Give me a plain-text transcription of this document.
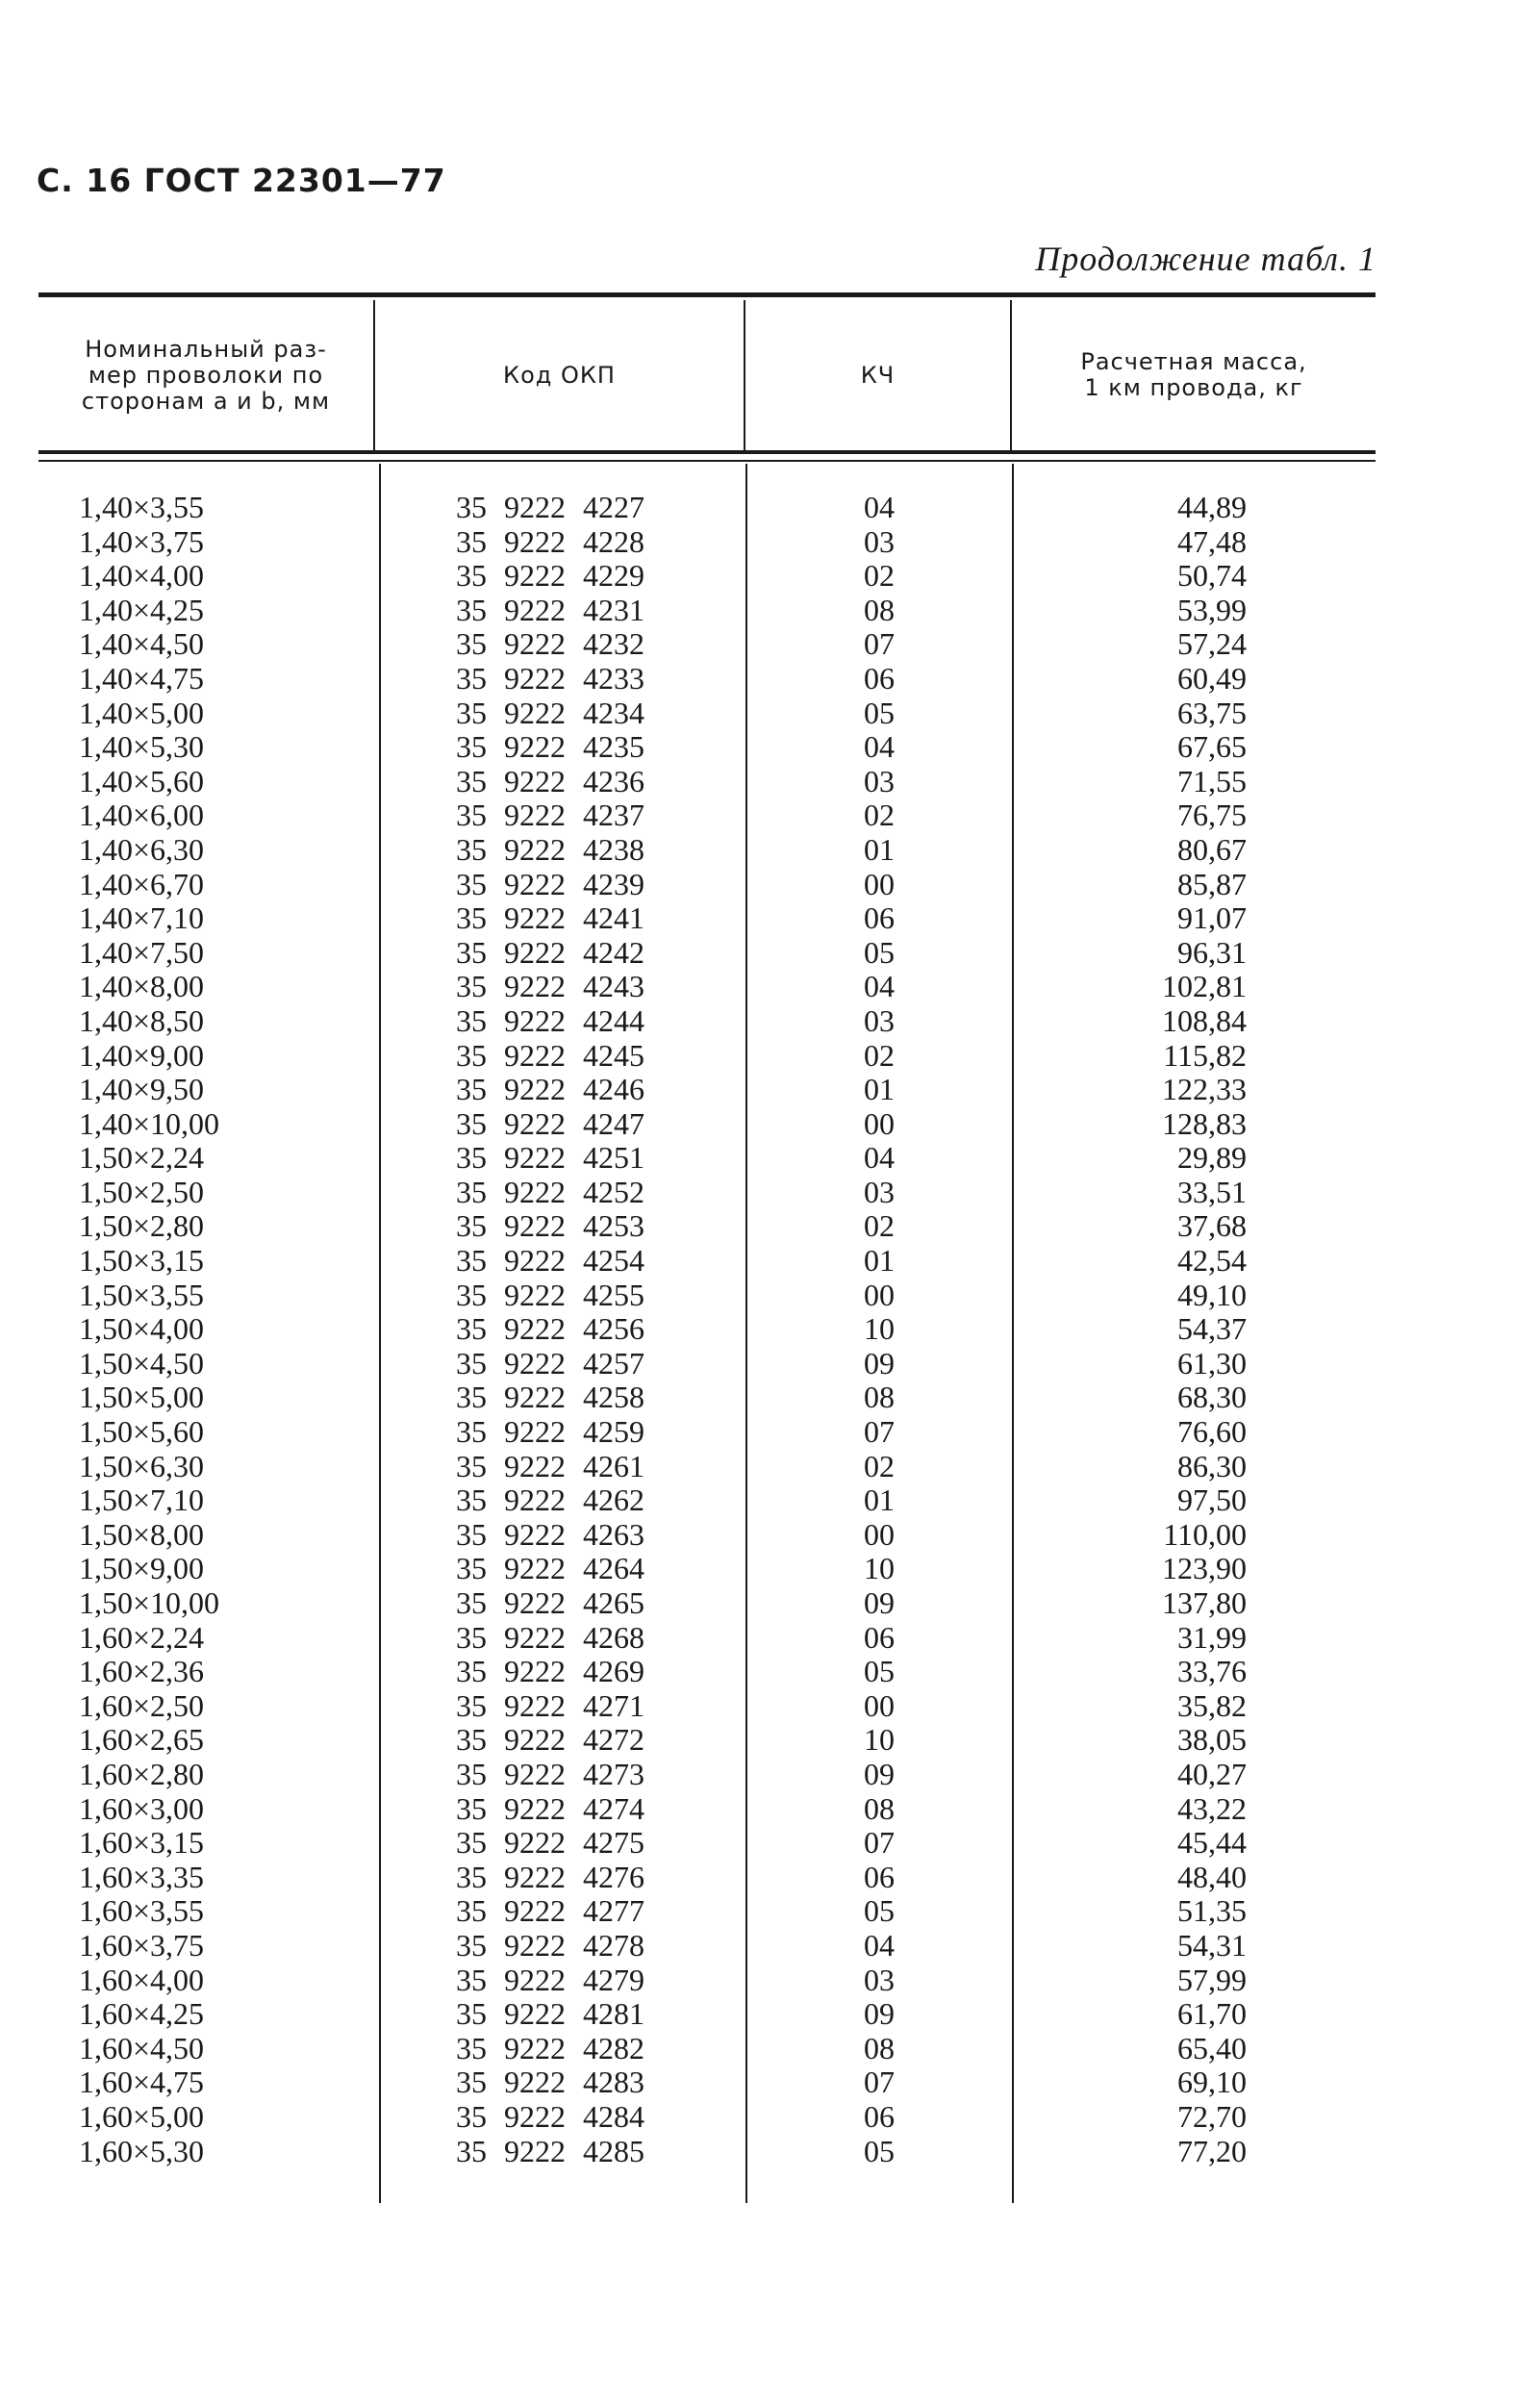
С. 16 ГОСТ 22301—77
Продолжение табл. 1
Номинальный раз-
мер проволоки по
сторонам a и b, мм
Код ОКП	КЧ	Расчетная масса,
1 км провода, кг
1,40×3,55	35 9222 4227	04	44,89
1,40×3,75	35 9222 4228	03	47,48
1,40×4,00	35 9222 4229	02	50,74
1,40×4,25	35 9222 4231	08	53,99
1,40×4,50	35 9222 4232	07	57,24
1,40×4,75	35 9222 4233	06	60,49
1,40×5,00	35 9222 4234	05	63,75
1,40×5,30	35 9222 4235	04	67,65
1,40×5,60	35 9222 4236	03	71,55
1,40×6,00	35 9222 4237	02	76,75
1,40×6,30	35 9222 4238	01	80,67
1,40×6,70	35 9222 4239	00	85,87
1,40×7,10	35 9222 4241	06	91,07
1,40×7,50	35 9222 4242	05	96,31
1,40×8,00	35 9222 4243	04	102,81
1,40×8,50	35 9222 4244	03	108,84
1,40×9,00	35 9222 4245	02	115,82
1,40×9,50	35 9222 4246	01	122,33
1,40×10,00	35 9222 4247	00	128,83
1,50×2,24	35 9222 4251	04	29,89
1,50×2,50	35 9222 4252	03	33,51
1,50×2,80	35 9222 4253	02	37,68
1,50×3,15	35 9222 4254	01	42,54
1,50×3,55	35 9222 4255	00	49,10
1,50×4,00	35 9222 4256	10	54,37
1,50×4,50	35 9222 4257	09	61,30
1,50×5,00	35 9222 4258	08	68,30
1,50×5,60	35 9222 4259	07	76,60
1,50×6,30	35 9222 4261	02	86,30
1,50×7,10	35 9222 4262	01	97,50
1,50×8,00	35 9222 4263	00	110,00
1,50×9,00	35 9222 4264	10	123,90
1,50×10,00	35 9222 4265	09	137,80
1,60×2,24	35 9222 4268	06	31,99
1,60×2,36	35 9222 4269	05	33,76
1,60×2,50	35 9222 4271	00	35,82
1,60×2,65	35 9222 4272	10	38,05
1,60×2,80	35 9222 4273	09	40,27
1,60×3,00	35 9222 4274	08	43,22
1,60×3,15	35 9222 4275	07	45,44
1,60×3,35	35 9222 4276	06	48,40
1,60×3,55	35 9222 4277	05	51,35
1,60×3,75	35 9222 4278	04	54,31
1,60×4,00	35 9222 4279	03	57,99
1,60×4,25	35 9222 4281	09	61,70
1,60×4,50	35 9222 4282	08	65,40
1,60×4,75	35 9222 4283	07	69,10
1,60×5,00	35 9222 4284	06	72,70
1,60×5,30	35 9222 4285	05	77,20
